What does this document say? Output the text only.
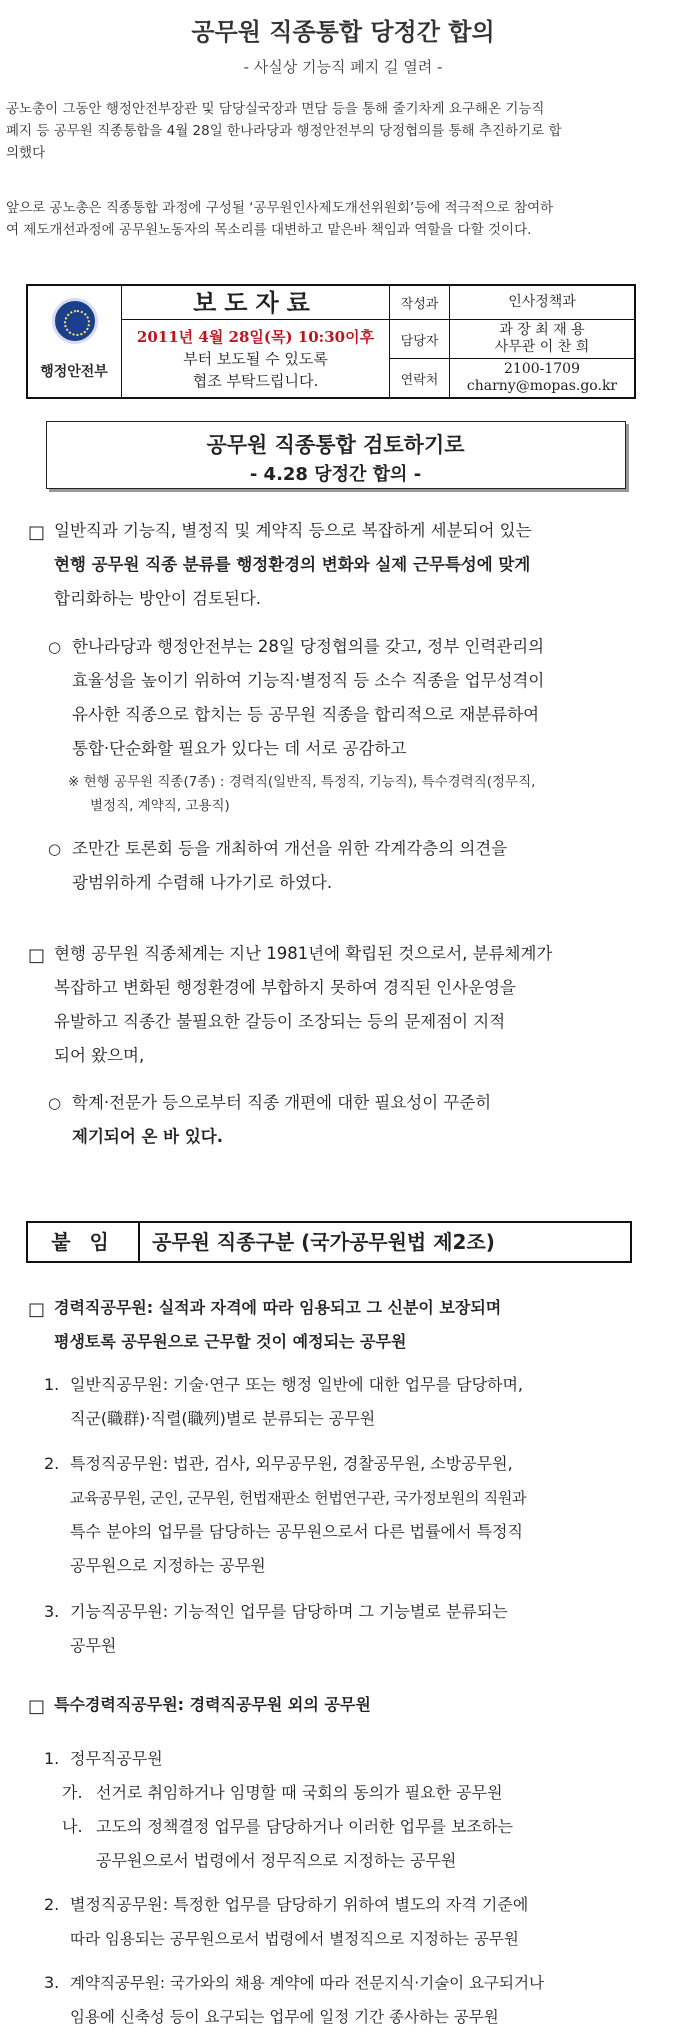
공무원 직종통합 당정간 합의
- 사실상 기능직 폐지 길 열려 -
공노총이 그동안 행정안전부장관 및 담당실국장과 면담 등을 통해 줄기차게 요구해온 기능직
폐지 등 공무원 직종통합을 4월 28일 한나라당과 행정안전부의 당정협의를 통해 추진하기로 합
의했다
앞으로 공노총은 직종통합 과정에 구성될 ‘공무원인사제도개선위원회’등에 적극적으로 참여하
여 제도개선과정에 공무원노동자의 목소리를 대변하고 맡은바 책임과 역할을 다할 것이다.
행정안전부
보도자료
2011년 4월 28일(목) 10:30이후
부터 보도될 수 있도록
협조 부탁드립니다.
작성과	인사정책과
담당자
과 장 최 재 용
사무관 이 찬 희
연락처
2100-1709
charny@mopas.go.kr
공무원 직종통합 검토하기로
- 4.28 당정간 합의 -
□ 일반직과 기능직, 별정직 및 계약직 등으로 복잡하게 세분되어 있는
현행 공무원 직종 분류를 행정환경의 변화와 실제 근무특성에 맞게
합리화하는 방안이 검토된다.
○ 한나라당과 행정안전부는 28일 당정협의를 갖고, 정부 인력관리의
효율성을 높이기 위하여 기능직·별정직 등 소수 직종을 업무성격이
유사한 직종으로 합치는 등 공무원 직종을 합리적으로 재분류하여
통합·단순화할 필요가 있다는 데 서로 공감하고
※ 현행 공무원 직종(7종) : 경력직(일반직, 특정직, 기능직), 특수경력직(정무직,
별정직, 계약직, 고용직)
○ 조만간 토론회 등을 개최하여 개선을 위한 각계각층의 의견을
광범위하게 수렴해 나가기로 하였다.
□ 현행 공무원 직종체계는 지난 1981년에 확립된 것으로서, 분류체계가
복잡하고 변화된 행정환경에 부합하지 못하여 경직된 인사운영을
유발하고 직종간 불필요한 갈등이 조장되는 등의 문제점이 지적
되어 왔으며,
○ 학계·전문가 등으로부터 직종 개편에 대한 필요성이 꾸준히
제기되어 온 바 있다.
붙 임	공무원 직종구분 (국가공무원법 제2조)
□ 경력직공무원: 실적과 자격에 따라 임용되고 그 신분이 보장되며
평생토록 공무원으로 근무할 것이 예정되는 공무원
1. 일반직공무원: 기술·연구 또는 행정 일반에 대한 업무를 담당하며,
직군(職群)·직렬(職列)별로 분류되는 공무원
2. 특정직공무원: 법관, 검사, 외무공무원, 경찰공무원, 소방공무원,
교육공무원, 군인, 군무원, 헌법재판소 헌법연구관, 국가정보원의 직원과
특수 분야의 업무를 담당하는 공무원으로서 다른 법률에서 특정직
공무원으로 지정하는 공무원
3. 기능직공무원: 기능적인 업무를 담당하며 그 기능별로 분류되는
공무원
□ 특수경력직공무원: 경력직공무원 외의 공무원
1. 정무직공무원
가. 선거로 취임하거나 임명할 때 국회의 동의가 필요한 공무원
나. 고도의 정책결정 업무를 담당하거나 이러한 업무를 보조하는
공무원으로서 법령에서 정무직으로 지정하는 공무원
2. 별정직공무원: 특정한 업무를 담당하기 위하여 별도의 자격 기준에
따라 임용되는 공무원으로서 법령에서 별정직으로 지정하는 공무원
3. 계약직공무원: 국가와의 채용 계약에 따라 전문지식·기술이 요구되거나
임용에 신축성 등이 요구되는 업무에 일정 기간 종사하는 공무원
